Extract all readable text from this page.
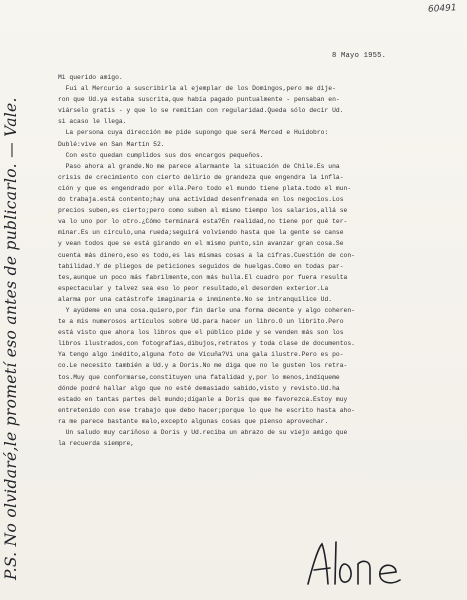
60491
8 Mayo 1955.
Mi querido amigo.
Fuí al Mercurio a suscribirla al ejemplar de los Domingos,pero me dije-
ron que Ud.ya estaba suscrita,que había pagado puntualmente - pensaban en-
viárselo gratis - y que lo se remitían con regularidad.Queda sólo decir Ud.
si acaso le llega.
La persona cuya dirección me pide supongo que será Merced e Huidobro:
Dublé:vive en San Martín 52.
Con esto quedan cumplidos sus dos encargos pequeños.
Paso ahora al grande.No me parece alarmante la situación de Chile.Es una
crisis de crecimiento con cierto delirio de grandeza que engendra la infla-
ción y que es engendrado por ella.Pero todo el mundo tiene plata.todo el mun-
do trabaja.está contento;hay una actividad desenfrenada en los negocios.Los
precios suben,es cierto;pero como suben al mismo tiempo los salarios,allá se
va lo uno por lo otro.¿Cómo terminará esta?En realidad,no tiene por qué ter-
minar.Es un círculo,una rueda;seguirá volviendo hasta que la gente se canse
y vean todos que se está girando en el mismo punto,sin avanzar gran cosa.Se
cuenta más dinero,eso es todo,es las mismas cosas a la cifras.Cuestión de con-
tabilidad.Y de pliegos de peticiones seguidos de huelgas.Como en todas par-
tes,aunque un poco más fabrilmente,con más bulla.El cuadro por fuera resulta
espectacular y talvez sea eso lo peor resultado,el desorden exterior.La
alarma por una catástrofe imaginaria e inminente.No se intranquilice Ud.
Y ayúdeme en una cosa.quiero,por fin darle una forma decente y algo coheren-
te a mis numerosos artículos sobre Ud.para hacer un libro.O un librito.Pero
está visto que ahora los libros que el público pide y se venden más son los
libros ilustrados,con fotografías,dibujos,retratos y toda clase de documentos.
Ya tengo algo inédito,alguna foto de Vicuña?Vi una gala ilustre.Pero es po-
co.Le necesito también a Ud.y a Doris.No me diga que no le gusten los retra-
tos.Muy que conformarse,constituyen una fatalidad y,por lo menos,indíqueme
dónde podré hallar algo que no esté demasiado sabido,visto y revisto.Ud.ha
estado en tantas partes del mundo;díganle a Doris que me favorezca.Estoy muy
entretenido con ese trabajo que debo hacer;porque lo que he escrito hasta aho-
ra me parece bastante malo,excepto algunas cosas que pienso aprovechar.
Un saludo muy cariñoso a Doris y Ud.reciba un abrazo de su viejo amigo que
la recuerda siempre,
P.S. No olvidaré,le prometí eso antes de publicarlo. — Vale.
